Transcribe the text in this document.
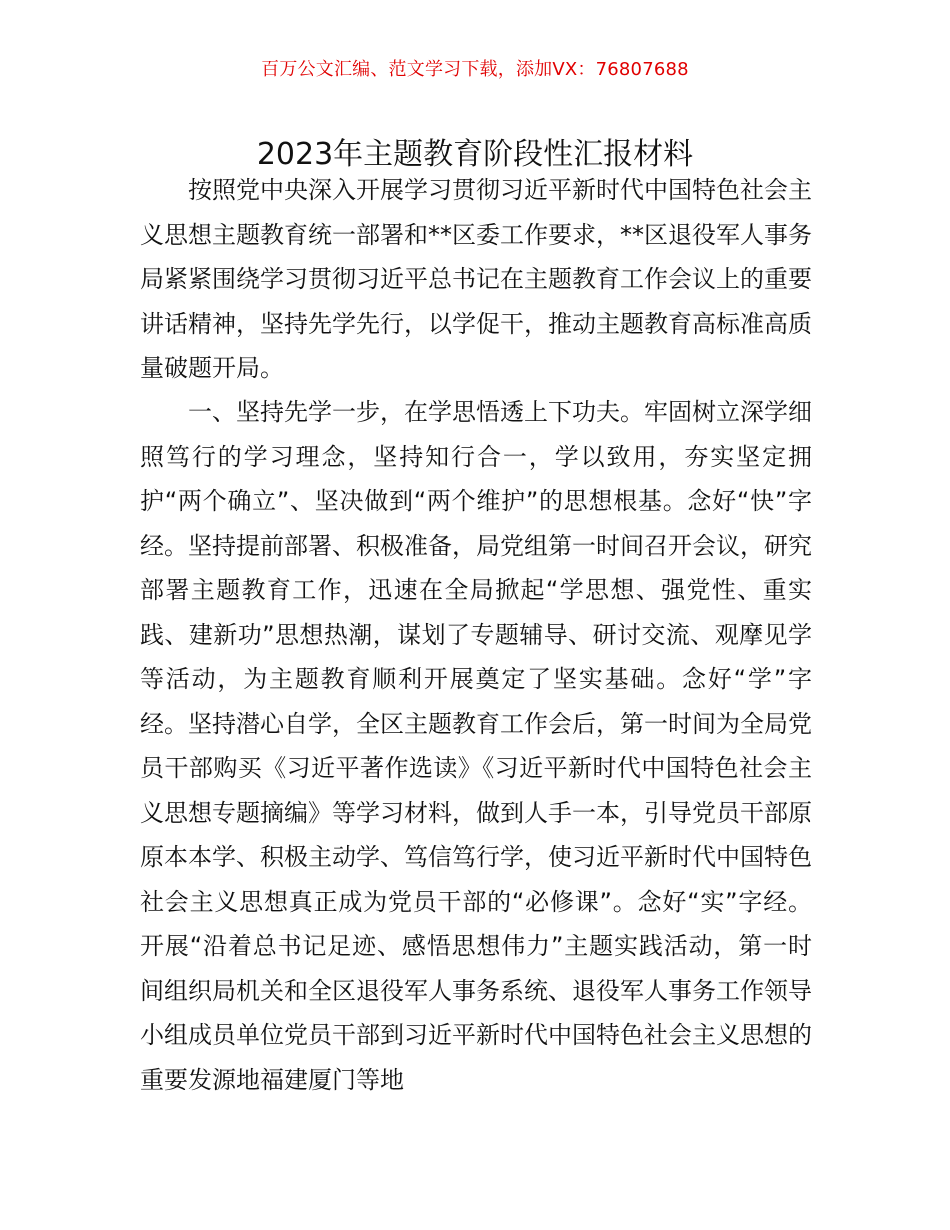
百万公文汇编、范文学习下载，添加VX：76807688
2023年主题教育阶段性汇报材料

按照党中央深入开展学习贯彻习近平新时代中国特色社会主义思想主题教育统一部署和**区委工作要求，**区退役军人事务局紧紧围绕学习贯彻习近平总书记在主题教育工作会议上的重要讲话精神，坚持先学先行，以学促干，推动主题教育高标准高质量破题开局。

一、坚持先学一步，在学思悟透上下功夫。牢固树立深学细照笃行的学习理念，坚持知行合一，学以致用，夯实坚定拥护“两个确立”、坚决做到“两个维护”的思想根基。念好“快”字经。坚持提前部署、积极准备，局党组第一时间召开会议，研究部署主题教育工作，迅速在全局掀起“学思想、强党性、重实践、建新功”思想热潮，谋划了专题辅导、研讨交流、观摩见学等活动，为主题教育顺利开展奠定了坚实基础。念好“学”字经。坚持潜心自学，全区主题教育工作会后，第一时间为全局党员干部购买《习近平著作选读》《习近平新时代中国特色社会主义思想专题摘编》等学习材料，做到人手一本，引导党员干部原原本本学、积极主动学、笃信笃行学，使习近平新时代中国特色社会主义思想真正成为党员干部的“必修课”。念好“实”字经。开展“沿着总书记足迹、感悟思想伟力”主题实践活动，第一时间组织局机关和全区退役军人事务系统、退役军人事务工作领导小组成员单位党员干部到习近平新时代中国特色社会主义思想的重要发源地福建厦门等地
